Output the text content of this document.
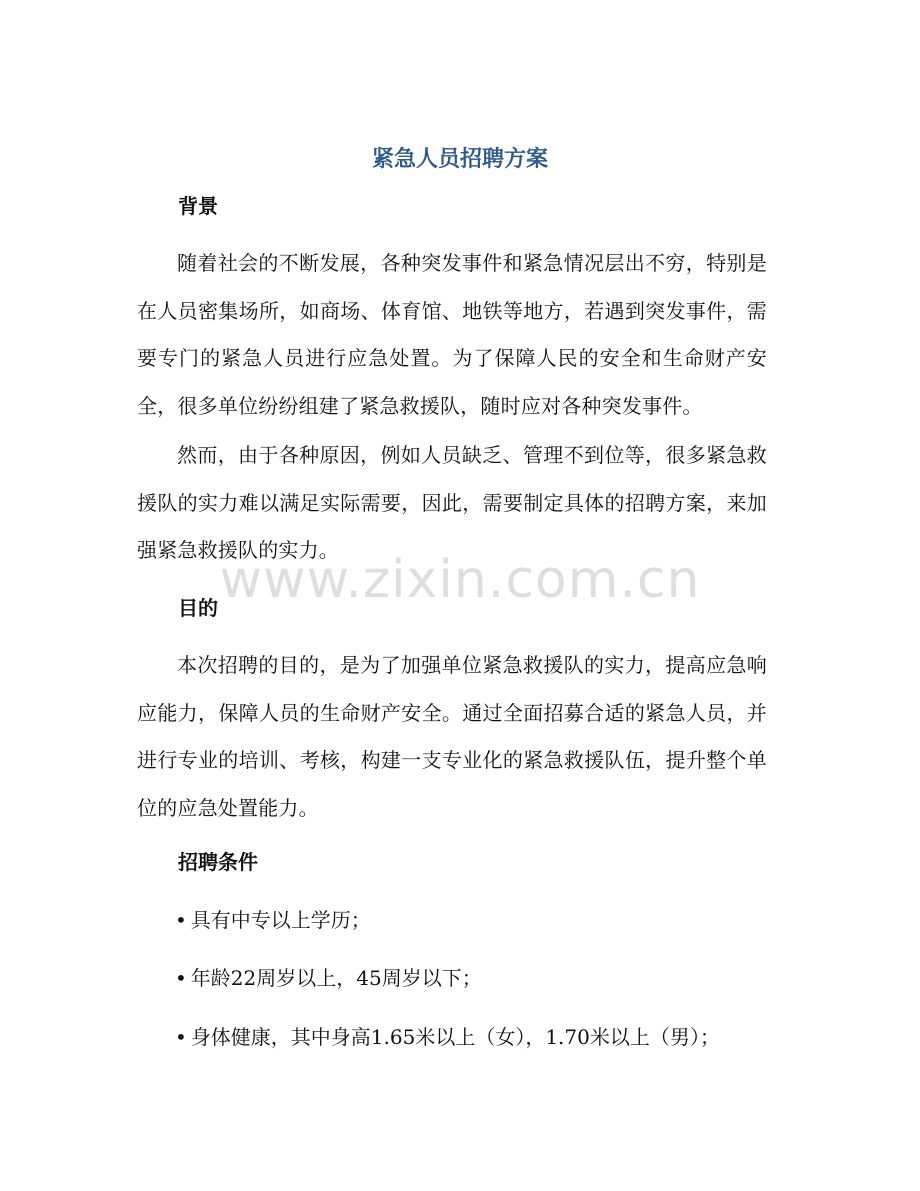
紧急人员招聘方案
背景
随着社会的不断发展，各种突发事件和紧急情况层出不穷，特别是在人员密集场所，如商场、体育馆、地铁等地方，若遇到突发事件，需要专门的紧急人员进行应急处置。为了保障人民的安全和生命财产安全，很多单位纷纷组建了紧急救援队，随时应对各种突发事件。
然而，由于各种原因，例如人员缺乏、管理不到位等，很多紧急救援队的实力难以满足实际需要，因此，需要制定具体的招聘方案，来加强紧急救援队的实力。
目的
本次招聘的目的，是为了加强单位紧急救援队的实力，提高应急响应能力，保障人员的生命财产安全。通过全面招募合适的紧急人员，并进行专业的培训、考核，构建一支专业化的紧急救援队伍，提升整个单位的应急处置能力。
招聘条件
• 具有中专以上学历；
• 年龄22周岁以上，45周岁以下；
• 身体健康，其中身高1.65米以上（女），1.70米以上（男）；
www.zixin.com.cn
